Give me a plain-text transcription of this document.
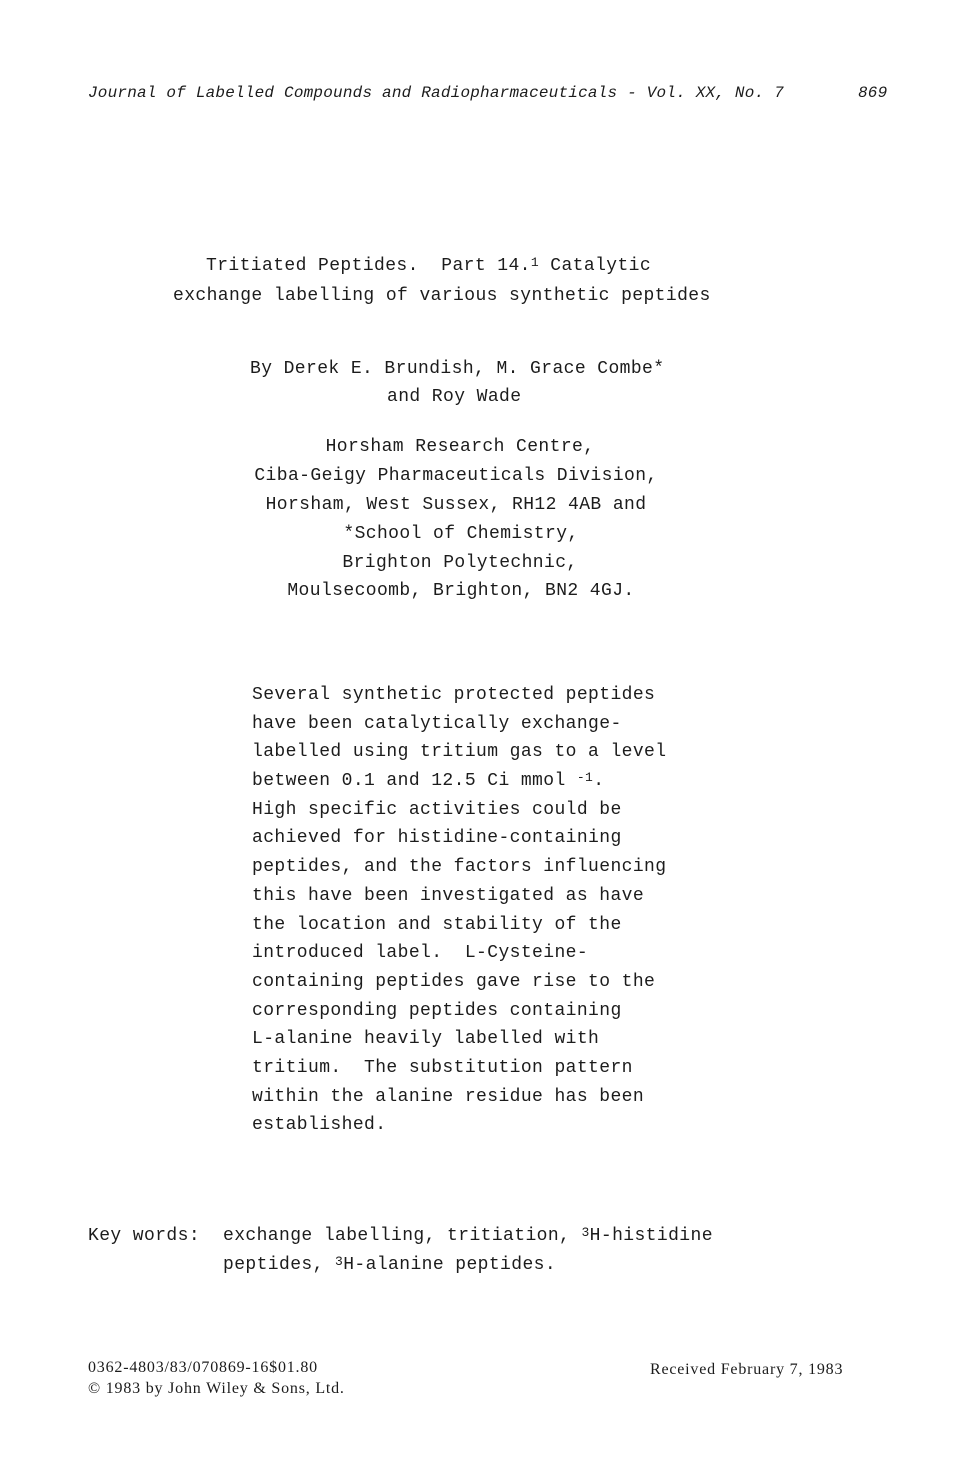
Journal of Labelled Compounds and Radiopharmaceuticals - Vol. XX, No. 7	869
Tritiated Peptides.  Part 14.$^1$ Catalytic
exchange labelling of various synthetic peptides
By Derek E. Brundish, M. Grace Combe*
and Roy Wade
Horsham Research Centre,
Ciba-Geigy Pharmaceuticals Division,
Horsham, West Sussex, RH12 4AB and
*School of Chemistry,
Brighton Polytechnic,
Moulsecoomb, Brighton, BN2 4GJ.
Several synthetic protected peptides
have been catalytically exchange-
labelled using tritium gas to a level
between 0.1 and 12.5 Ci mmol $^{-1}$.
High specific activities could be
achieved for histidine-containing
peptides, and the factors influencing
this have been investigated as have
the location and stability of the
introduced label.  L-Cysteine-
containing peptides gave rise to the
corresponding peptides containing
L-alanine heavily labelled with
tritium.  The substitution pattern
within the alanine residue has been
established.
Key words: exchange labelling, tritiation, $^3$H-histidine
peptides, $^3$H-alanine peptides.
0362-4803/83/070869-16$01.80
© 1983 by John Wiley & Sons, Ltd.
Received February 7, 1983
